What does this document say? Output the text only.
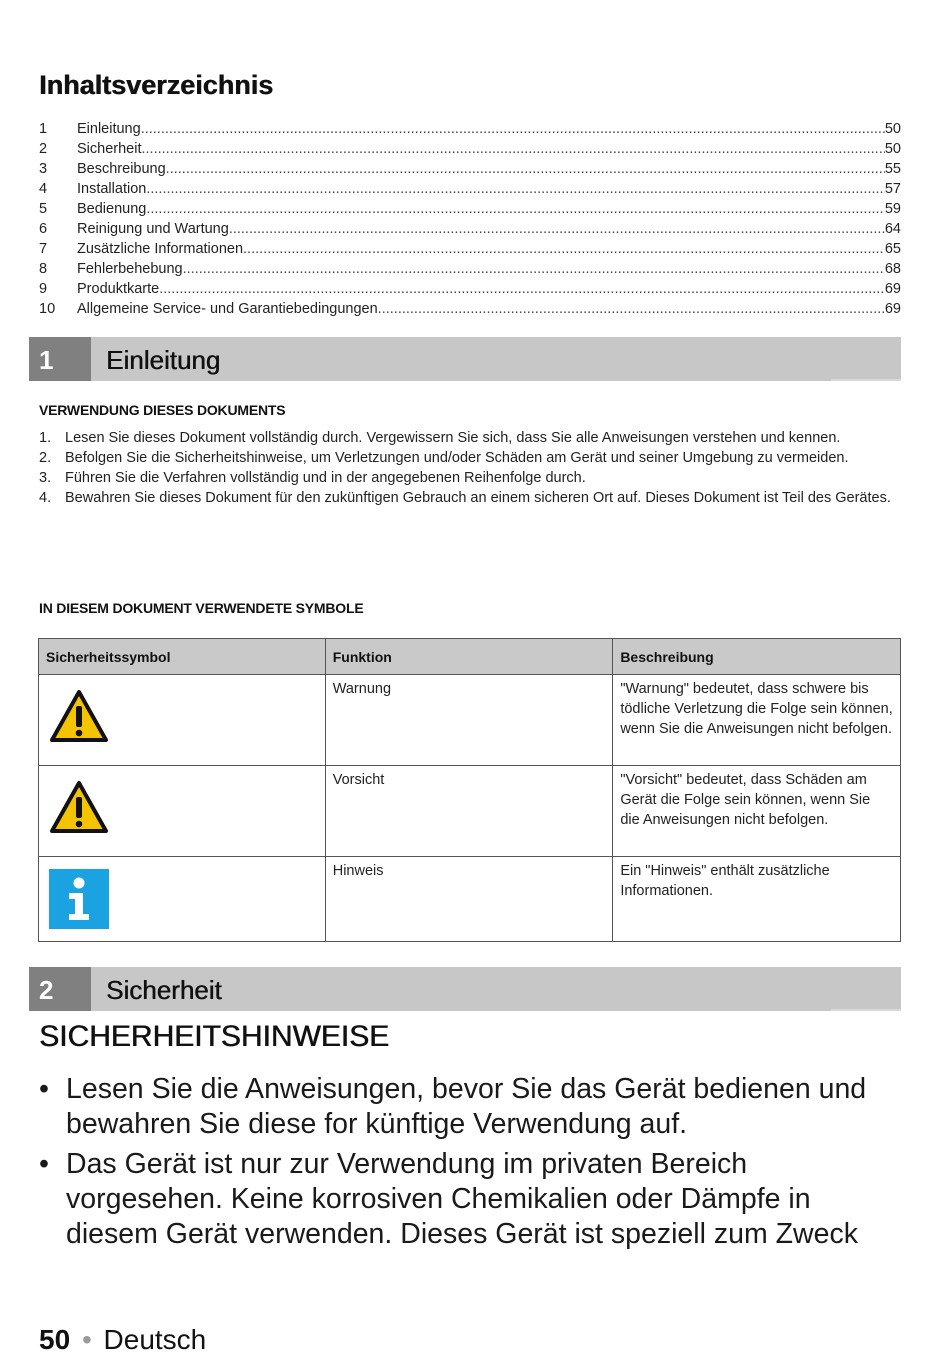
Inhaltsverzeichnis
1	Einleitung .....	50
2	Sicherheit .....	50
3	Beschreibung .....	55
4	Installation .....	57
5	Bedienung .....	59
6	Reinigung und Wartung .....	64
7	Zusätzliche Informationen .....	65
8	Fehlerbehebung .....	68
9	Produktkarte .....	69
10	Allgemeine Service- und Garantiebedingungen .....	69
1	Einleitung
VERWENDUNG DIESES DOKUMENTS
1. Lesen Sie dieses Dokument vollständig durch. Vergewissern Sie sich, dass Sie alle Anweisungen verstehen und kennen.
2. Befolgen Sie die Sicherheitshinweise, um Verletzungen und/oder Schäden am Gerät und seiner Umgebung zu vermeiden.
3. Führen Sie die Verfahren vollständig und in der angegebenen Reihenfolge durch.
4. Bewahren Sie dieses Dokument für den zukünftigen Gebrauch an einem sicheren Ort auf. Dieses Dokument ist Teil des Gerätes.
IN DIESEM DOKUMENT VERWENDETE SYMBOLE
Sicherheitssymbol	Funktion	Beschreibung
	Warnung	"Warnung" bedeutet, dass schwere bis tödliche Verletzung die Folge sein können, wenn Sie die Anweisungen nicht befolgen.
	Vorsicht	"Vorsicht" bedeutet, dass Schäden am Gerät die Folge sein können, wenn Sie die Anweisungen nicht befolgen.
	Hinweis	Ein "Hinweis" enthält zusätzliche Informationen.
2	Sicherheit
SICHERHEITSHINWEISE
• Lesen Sie die Anweisungen, bevor Sie das Gerät bedienen und bewahren Sie diese for künftige Verwendung auf.
• Das Gerät ist nur zur Verwendung im privaten Bereich vorgesehen. Keine korrosiven Chemikalien oder Dämpfe in diesem Gerät verwenden. Dieses Gerät ist speziell zum Zweck
50 • Deutsch
